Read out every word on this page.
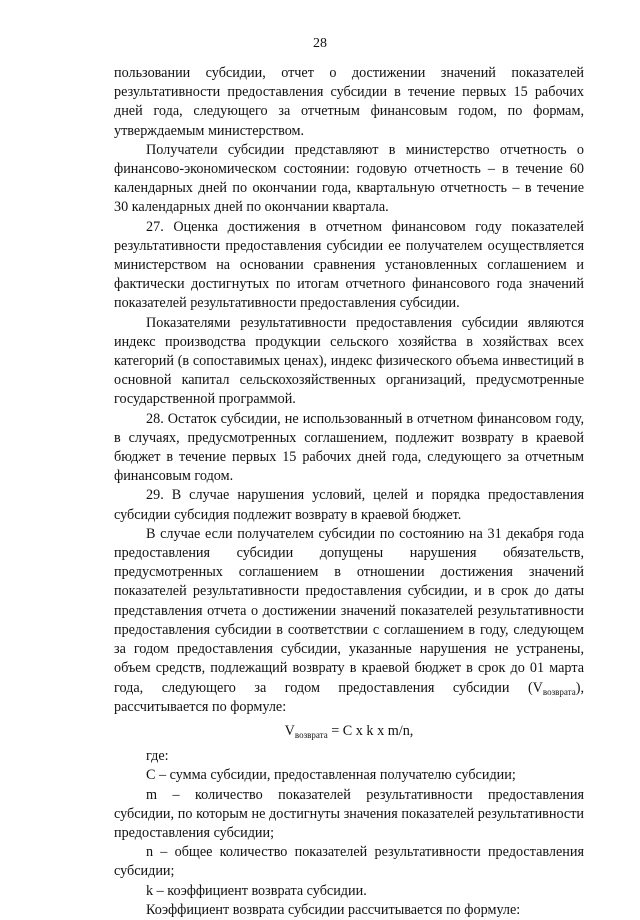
28

пользовании субсидии, отчет о достижении значений показателей результативности предоставления субсидии в течение первых 15 рабочих дней года, следующего за отчетным финансовым годом, по формам, утверждаемым министерством.

Получатели субсидии представляют в министерство отчетность о финансово-экономическом состоянии: годовую отчетность – в течение 60 календарных дней по окончании года, квартальную отчетность – в течение 30 календарных дней по окончании квартала.

27. Оценка достижения в отчетном финансовом году показателей результативности предоставления субсидии ее получателем осуществляется министерством на основании сравнения установленных соглашением и фактически достигнутых по итогам отчетного финансового года значений показателей результативности предоставления субсидии.

Показателями результативности предоставления субсидии являются индекс производства продукции сельского хозяйства в хозяйствах всех категорий (в сопоставимых ценах), индекс физического объема инвестиций в основной капитал сельскохозяйственных организаций, предусмотренные государственной программой.

28. Остаток субсидии, не использованный в отчетном финансовом году, в случаях, предусмотренных соглашением, подлежит возврату в краевой бюджет в течение первых 15 рабочих дней года, следующего за отчетным финансовым годом.

29. В случае нарушения условий, целей и порядка предоставления субсидии субсидия подлежит возврату в краевой бюджет.

В случае если получателем субсидии по состоянию на 31 декабря года предоставления субсидии допущены нарушения обязательств, предусмотренных соглашением в отношении достижения значений показателей результативности предоставления субсидии, и в срок до даты представления отчета о достижении значений показателей результативности предоставления субсидии в соответствии с соглашением в году, следующем за годом предоставления субсидии, указанные нарушения не устранены, объем средств, подлежащий возврату в краевой бюджет в срок до 01 марта года, следующего за годом предоставления субсидии $(V_{возврата})$, рассчитывается по формуле:

$V_{возврата} = C$ x k x m/n,

где:

C – сумма субсидии, предоставленная получателю субсидии;

m – количество показателей результативности предоставления субсидии, по которым не достигнуты значения показателей результативности предоставления субсидии;

n – общее количество показателей результативности предоставления субсидии;

k – коэффициент возврата субсидии.

Коэффициент возврата субсидии рассчитывается по формуле:
